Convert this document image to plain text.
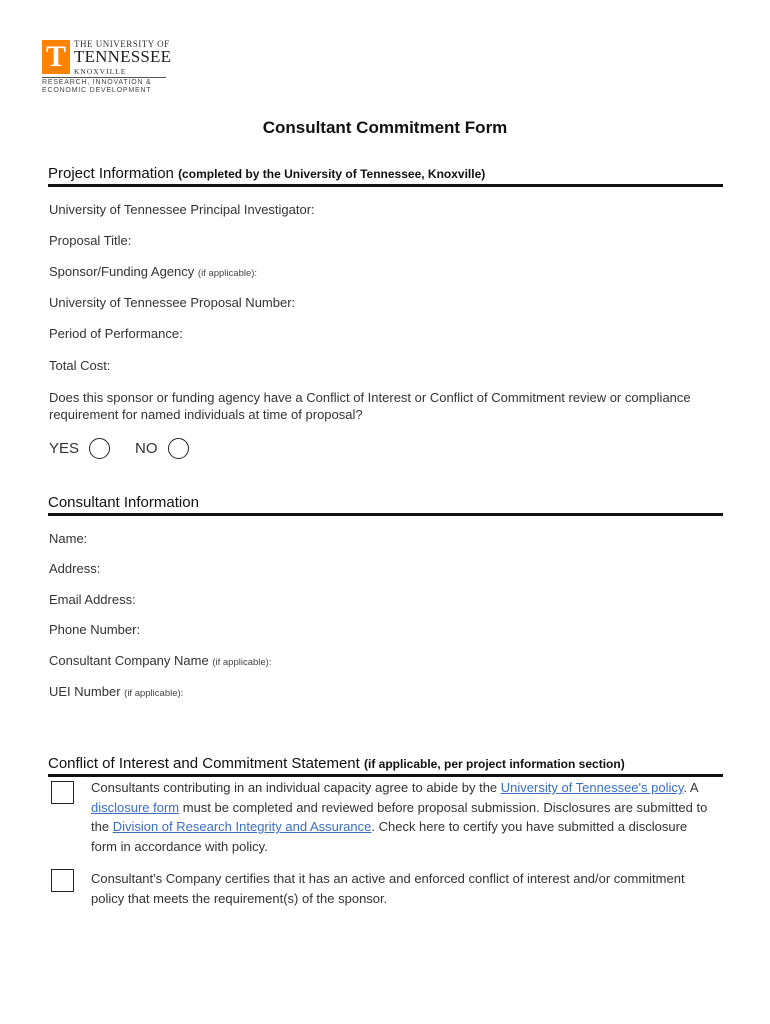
T THE UNIVERSITY OF
TENNESSEE
KNOXVILLE
RESEARCH, INNOVATION &
ECONOMIC DEVELOPMENT
Consultant Commitment Form
Project Information (completed by the University of Tennessee, Knoxville)
University of Tennessee Principal Investigator:
Proposal Title:
Sponsor/Funding Agency (if applicable):
University of Tennessee Proposal Number:
Period of Performance:
Total Cost:
Does this sponsor or funding agency have a Conflict of Interest or Conflict of Commitment review or compliance requirement for named individuals at time of proposal?
YES	NO
Consultant Information
Name:
Address:
Email Address:
Phone Number:
Consultant Company Name (if applicable):
UEI Number (if applicable):
Conflict of Interest and Commitment Statement (if applicable, per project information section)
Consultants contributing in an individual capacity agree to abide by the University of Tennessee's policy. A disclosure form must be completed and reviewed before proposal submission. Disclosures are submitted to the Division of Research Integrity and Assurance. Check here to certify you have submitted a disclosure form in accordance with policy.
Consultant's Company certifies that it has an active and enforced conflict of interest and/or commitment policy that meets the requirement(s) of the sponsor.
